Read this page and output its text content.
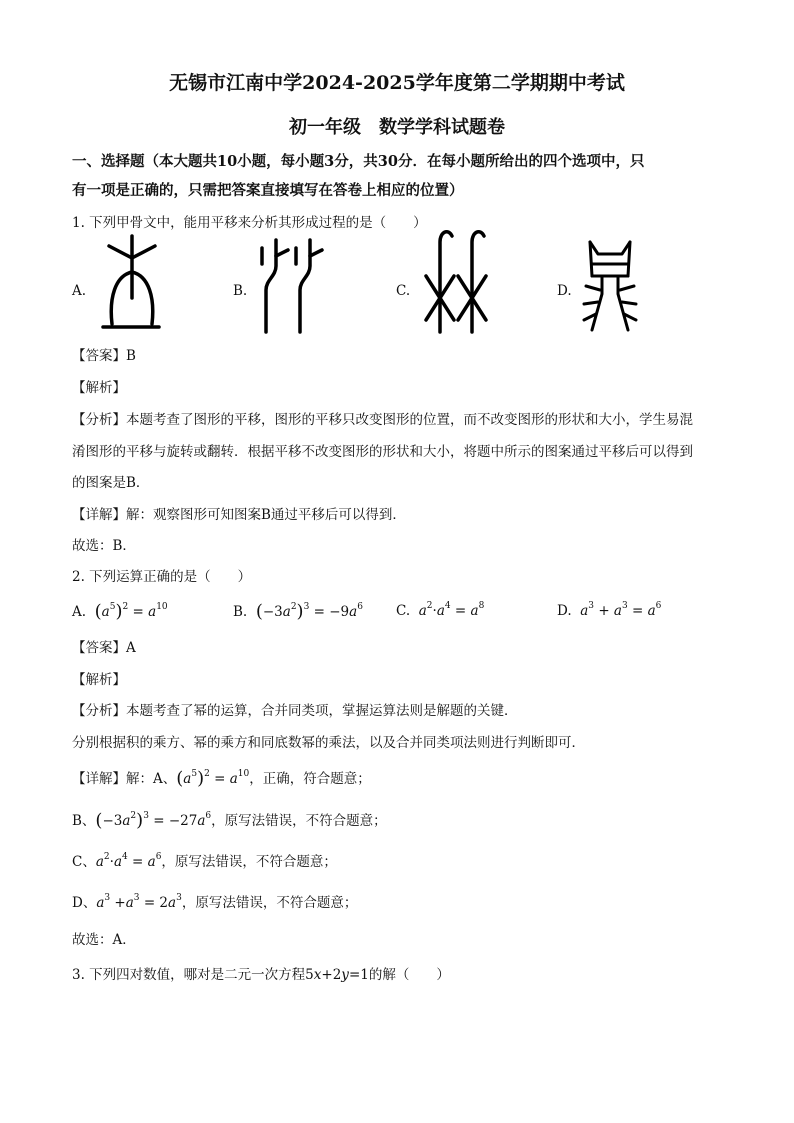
无锡市江南中学2024-2025学年度第二学期期中考试
初一年级　数学学科试题卷
一、选择题（本大题共10小题，每小题3分，共30分．在每小题所给出的四个选项中，只
有一项是正确的，只需把答案直接填写在答卷上相应的位置）
1. 下列甲骨文中，能用平移来分析其形成过程的是（　　）
A.	B.	C.	D.
【答案】B
【解析】
【分析】本题考查了图形的平移，图形的平移只改变图形的位置，而不改变图形的形状和大小，学生易混
淆图形的平移与旋转或翻转．根据平移不改变图形的形状和大小，将题中所示的图案通过平移后可以得到
的图案是B．
【详解】解：观察图形可知图案B通过平移后可以得到．
故选：B．
2. 下列运算正确的是（　　）
A. $(a^5)^2 = a^{10}$	B. $(-3a^2)^3 = -9a^6$ C.  $a^2\cdot a^4 = a^8$	D.  $a^3 + a^3 = a^6$
【答案】A
【解析】
【分析】本题考查了幂的运算，合并同类项，掌握运算法则是解题的关键．
分别根据积的乘方、幂的乘方和同底数幂的乘法，以及合并同类项法则进行判断即可．
【详解】解：A、$(a^5)^2 = a^{10}$，正确，符合题意；
B、$(-3a^2)^3 = -27a^6$，原写法错误，不符合题意；
C、$a^2\cdot a^4 = a^6$，原写法错误，不符合题意；
D、$a^3 +a^3 = 2a^3$，原写法错误，不符合题意；
故选：A．
3. 下列四对数值，哪对是二元一次方程5x+2y=1的解（　　）
